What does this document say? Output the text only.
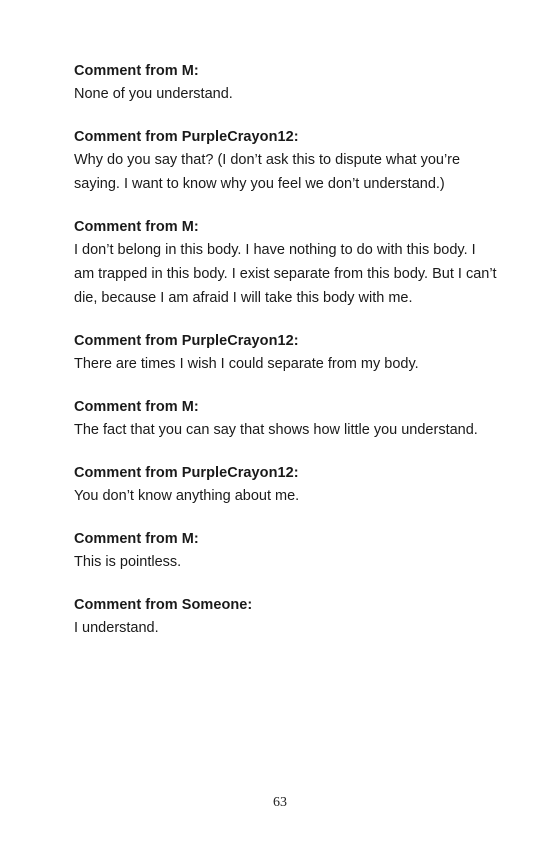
Comment from M:
None of you understand.
Comment from PurpleCrayon12:
Why do you say that? (I don’t ask this to dispute what you’re
saying. I want to know why you feel we don’t understand.)
Comment from M:
I don’t belong in this body. I have nothing to do with this body. I
am trapped in this body. I exist separate from this body. But I can’t
die, because I am afraid I will take this body with me.
Comment from PurpleCrayon12:
There are times I wish I could separate from my body.
Comment from M:
The fact that you can say that shows how little you understand.
Comment from PurpleCrayon12:
You don’t know anything about me.
Comment from M:
This is pointless.
Comment from Someone:
I understand.
63
